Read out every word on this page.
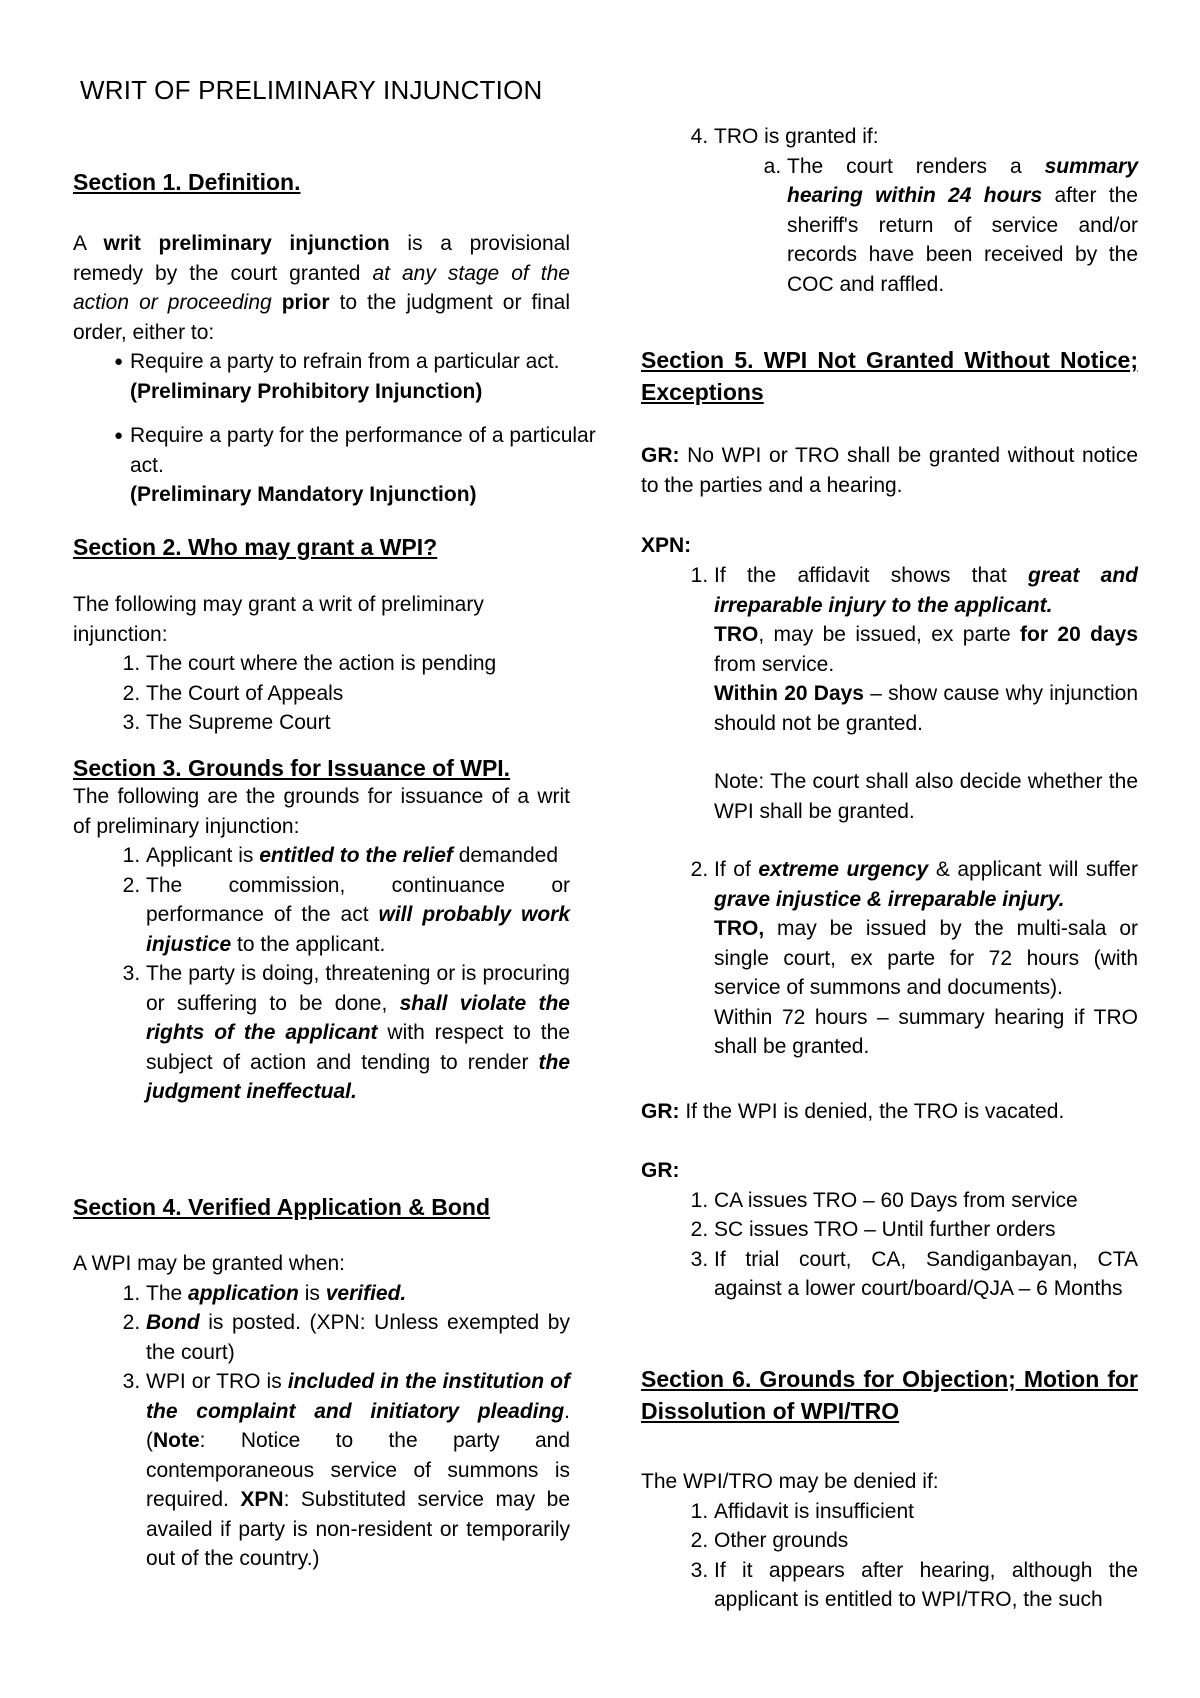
WRIT OF PRELIMINARY INJUNCTION
Section 1. Definition.

A writ preliminary injunction is a provisional remedy by the court granted at any stage of the action or proceeding prior to the judgment or final order, either to:

● Require a party to refrain from a particular act. (Preliminary Prohibitory Injunction)
● Require a party for the performance of a particular act.
(Preliminary Mandatory Injunction)
Section 2. Who may grant a WPI?

The following may grant a writ of preliminary injunction:

1. The court where the action is pending
2. The Court of Appeals
3. The Supreme Court
Section 3. Grounds for Issuance of WPI.

The following are the grounds for issuance of a writ of preliminary injunction:

1. Applicant is entitled to the relief demanded
2. The commission, continuance or performance of the act will probably work injustice to the applicant.
3. The party is doing, threatening or is procuring or suffering to be done, shall violate the rights of the applicant with respect to the subject of action and tending to render the judgment ineffectual.
Section 4. Verified Application & Bond

A WPI may be granted when:

1. The application is verified.
2. Bond is posted. (XPN: Unless exempted by the court)
3. WPI or TRO is included in the institution of the complaint and initiatory pleading. (Note: Notice to the party and contemporaneous service of summons is required. XPN: Substituted service may be availed if party is non-resident or temporarily out of the country.)
4. TRO is granted if:
a. The court renders a summary hearing within 24 hours after the sheriff's return of service and/or records have been received by the COC and raffled.
Section 5. WPI Not Granted Without Notice; Exceptions

GR: No WPI or TRO shall be granted without notice to the parties and a hearing.

XPN:

1. If the affidavit shows that great and irreparable injury to the applicant.
TRO, may be issued, ex parte for 20 days from service.
Within 20 Days – show cause why injunction should not be granted.

Note: The court shall also decide whether the WPI shall be granted.

2. If of extreme urgency & applicant will suffer grave injustice & irreparable injury.
TRO, may be issued by the multi-sala or single court, ex parte for 72 hours (with service of summons and documents).
Within 72 hours – summary hearing if TRO shall be granted.

GR: If the WPI is denied, the TRO is vacated.

GR:

1. CA issues TRO – 60 Days from service
2. SC issues TRO – Until further orders
3. If trial court, CA, Sandiganbayan, CTA against a lower court/board/QJA – 6 Months
Section 6. Grounds for Objection; Motion for Dissolution of WPI/TRO

The WPI/TRO may be denied if:

1. Affidavit is insufficient
2. Other grounds
3. If it appears after hearing, although the applicant is entitled to WPI/TRO, the such
